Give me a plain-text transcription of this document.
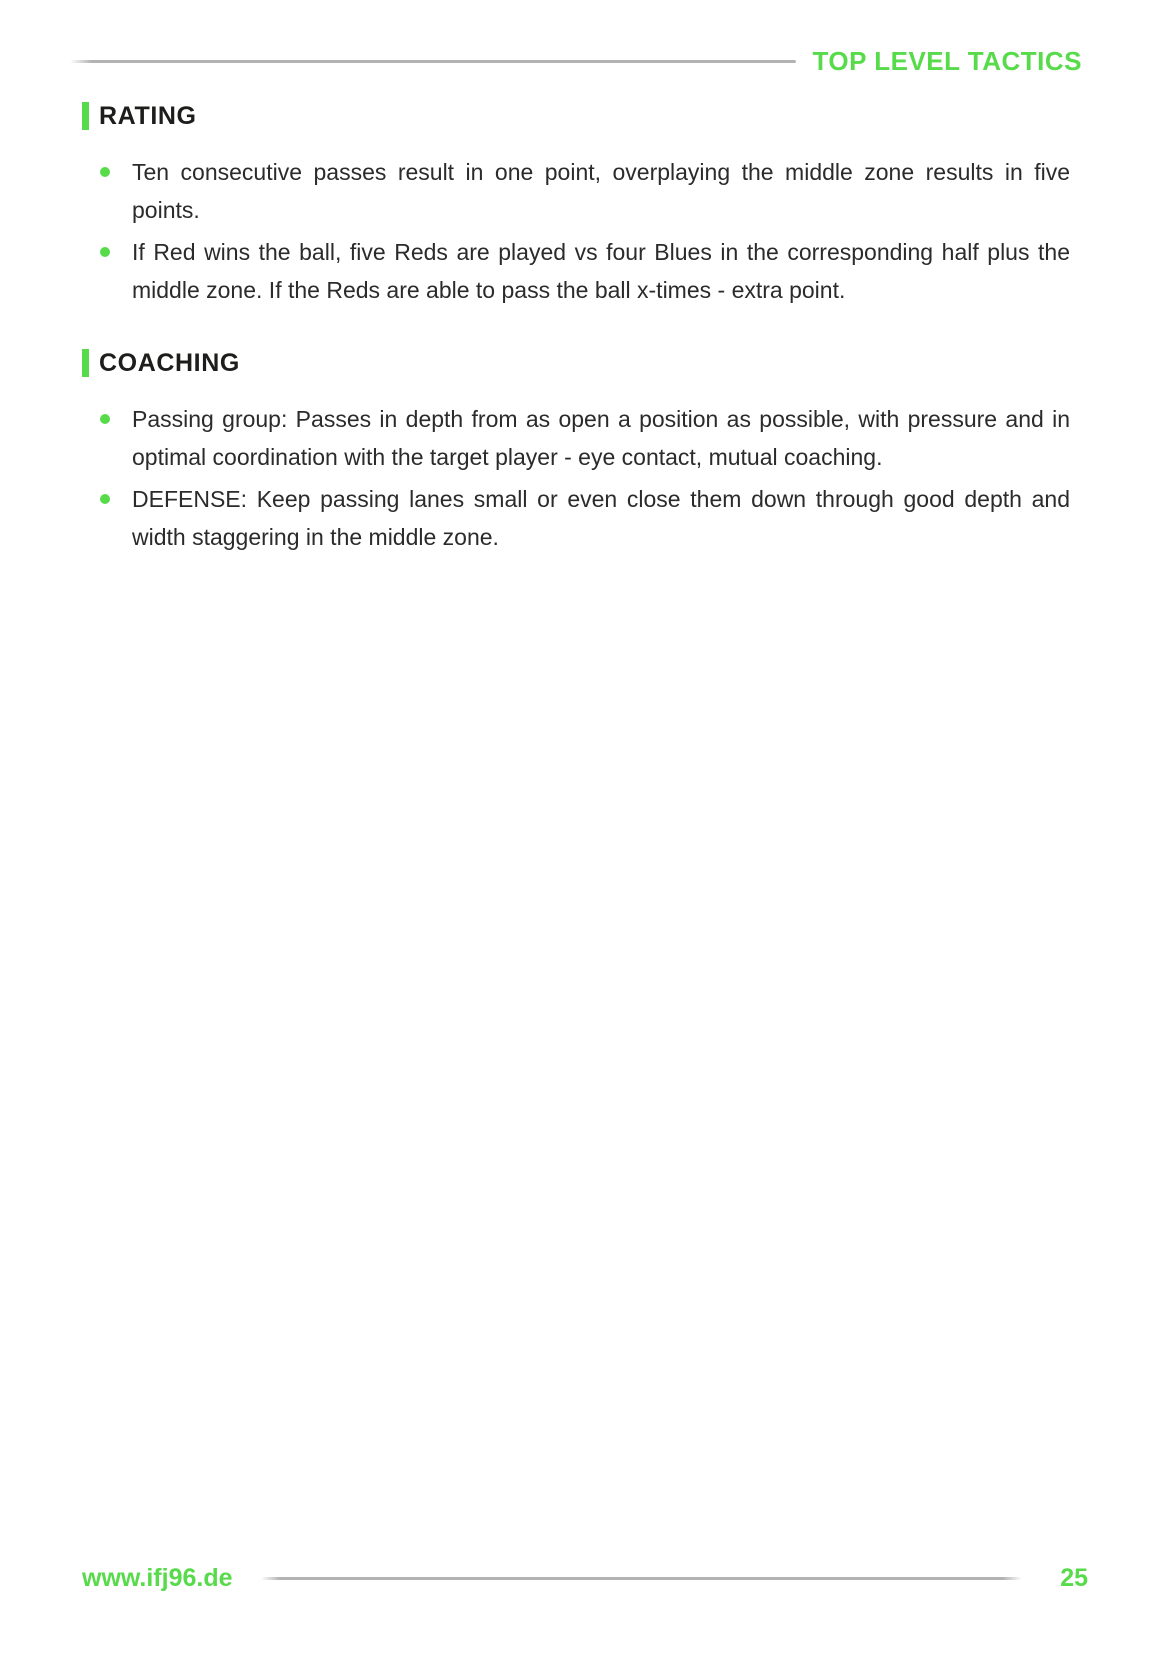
TOP LEVEL TACTICS
RATING
Ten consecutive passes result in one point, overplaying the middle zone results in five points.
If Red wins the ball, five Reds are played vs four Blues in the corresponding half plus the middle zone. If the Reds are able to pass the ball x-times - extra point.
COACHING
Passing group: Passes in depth from as open a position as possible, with pressure and in optimal coordination with the target player - eye contact, mutual coaching.
DEFENSE: Keep passing lanes small or even close them down through good depth and width staggering in the middle zone.
www.ifj96.de	25
